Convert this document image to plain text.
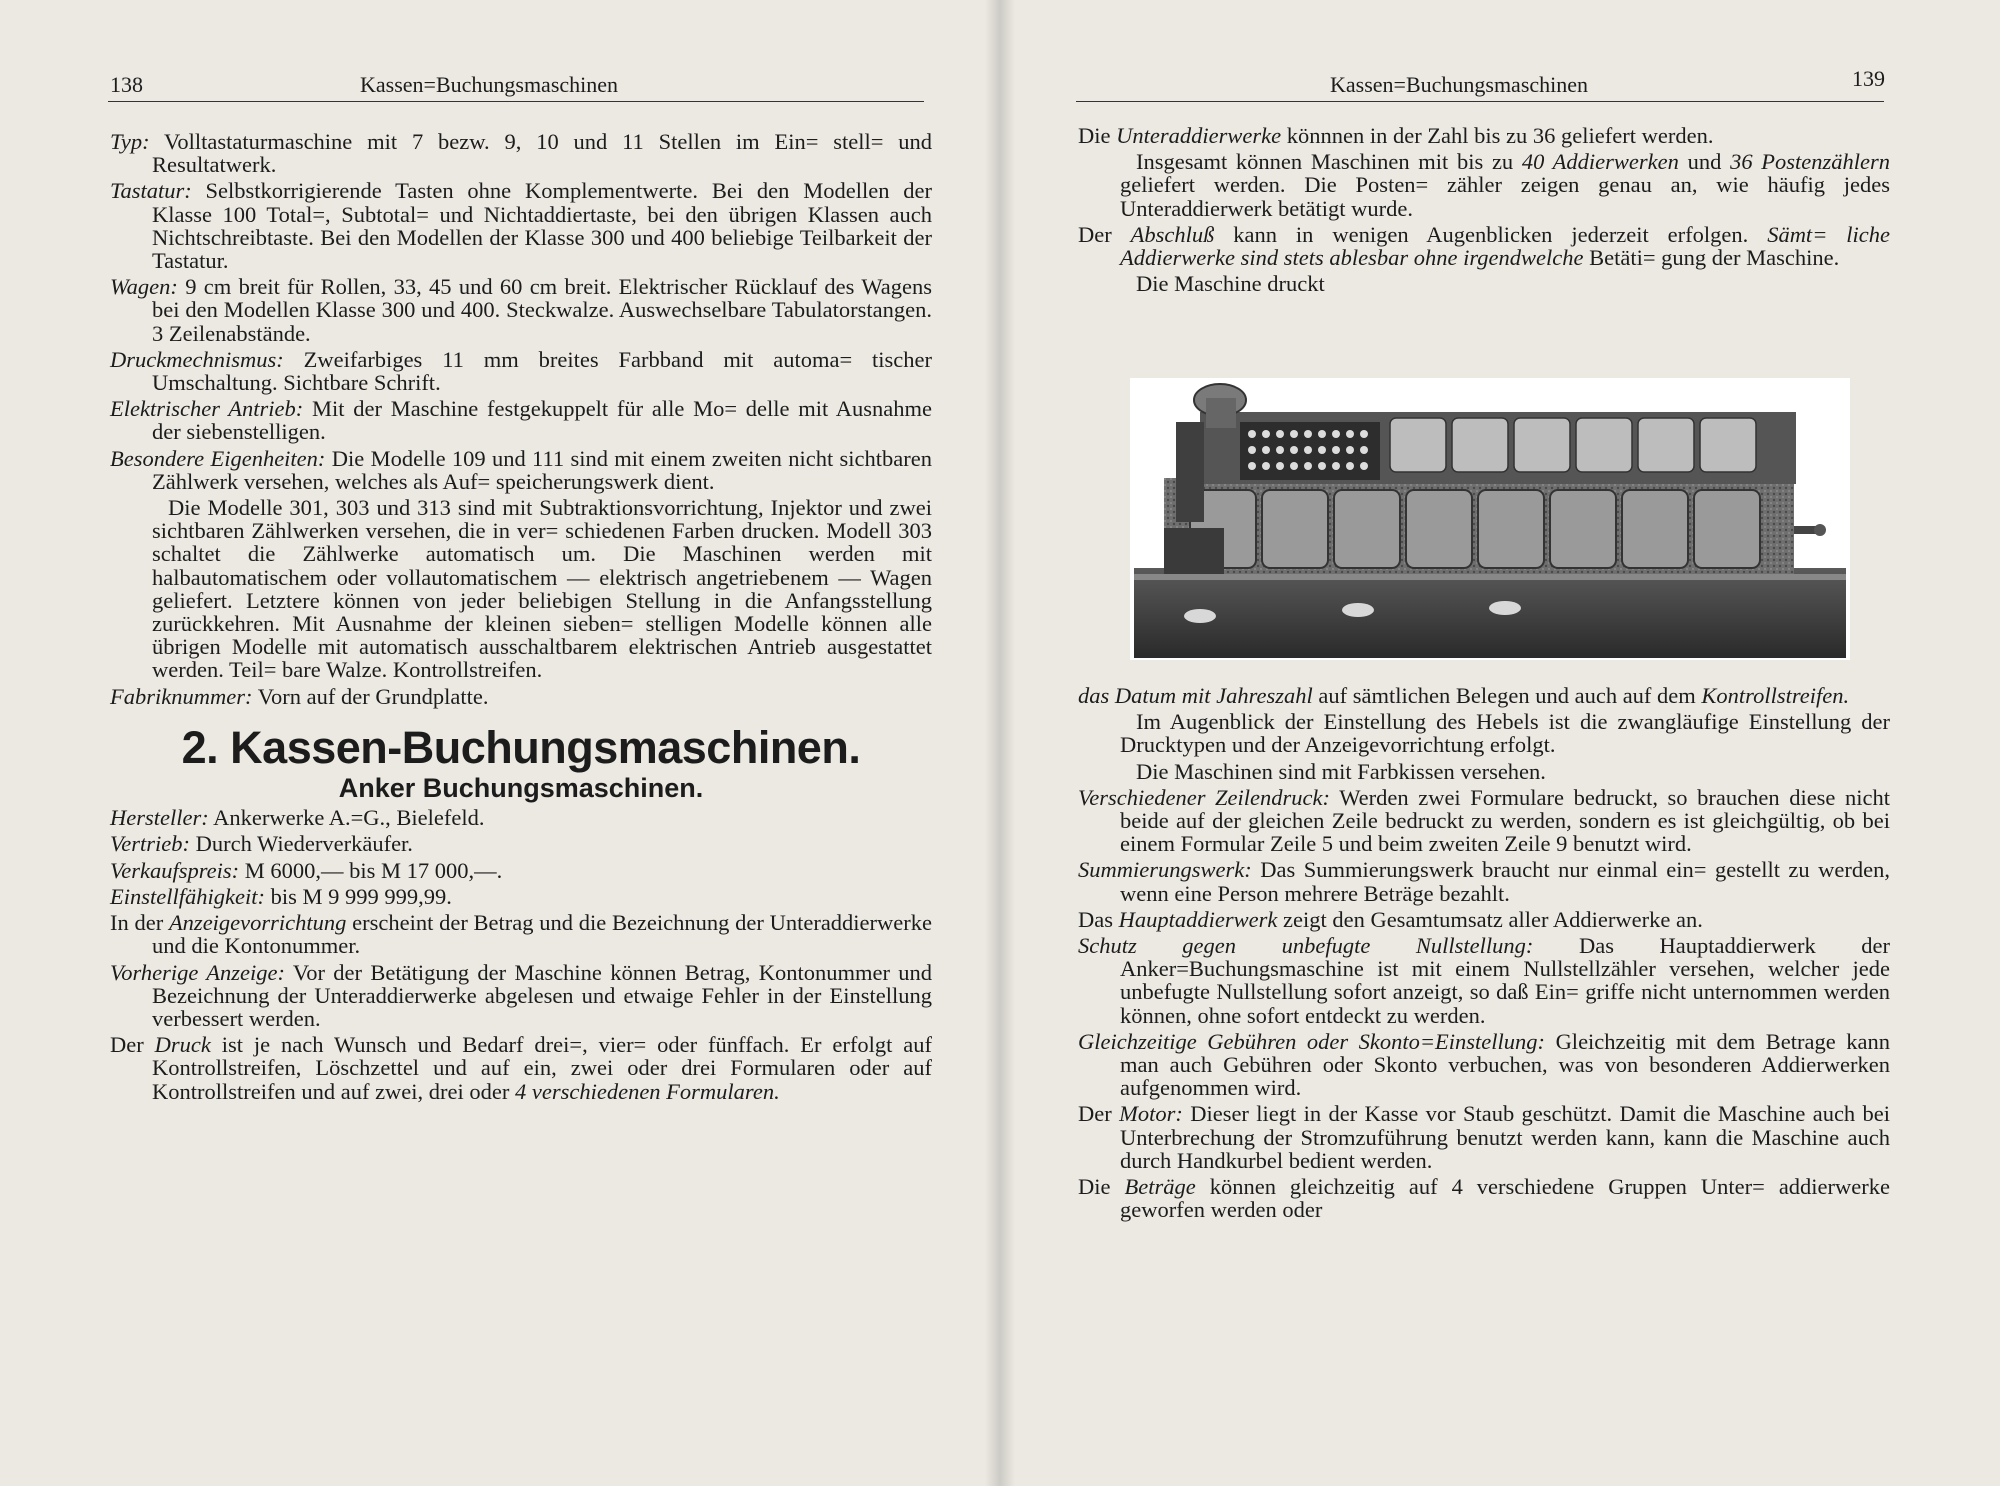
138	Kassen=Buchungsmaschinen

Typ: Volltastaturmaschine mit 7 bezw. 9, 10 und 11 Stellen im Ein= stell= und Resultatwerk.

Tastatur: Selbstkorrigierende Tasten ohne Komplementwerte. Bei den Modellen der Klasse 100 Total=, Subtotal= und Nichtaddiertaste, bei den übrigen Klassen auch Nichtschreibtaste. Bei den Modellen der Klasse 300 und 400 beliebige Teilbarkeit der Tastatur.

Wagen: 9 cm breit für Rollen, 33, 45 und 60 cm breit. Elektrischer Rücklauf des Wagens bei den Modellen Klasse 300 und 400. Steckwalze. Auswechselbare Tabulatorstangen. 3 Zeilenabstände.

Druckmechnismus: Zweifarbiges 11 mm breites Farbband mit automa= tischer Umschaltung. Sichtbare Schrift.

Elektrischer Antrieb: Mit der Maschine festgekuppelt für alle Mo= delle mit Ausnahme der siebenstelligen.

Besondere Eigenheiten: Die Modelle 109 und 111 sind mit einem zweiten nicht sichtbaren Zählwerk versehen, welches als Auf= speicherungswerk dient.

Die Modelle 301, 303 und 313 sind mit Subtraktionsvorrichtung, Injektor und zwei sichtbaren Zählwerken versehen, die in ver= schiedenen Farben drucken. Modell 303 schaltet die Zählwerke automatisch um. Die Maschinen werden mit halbautomatischem oder vollautomatischem — elektrisch angetriebenem — Wagen geliefert. Letztere können von jeder beliebigen Stellung in die Anfangsstellung zurückkehren. Mit Ausnahme der kleinen sieben= stelligen Modelle können alle übrigen Modelle mit automatisch ausschaltbarem elektrischen Antrieb ausgestattet werden. Teil= bare Walze. Kontrollstreifen.

Fabriknummer: Vorn auf der Grundplatte.

2. Kassen-Buchungsmaschinen.
Anker Buchungsmaschinen.

Hersteller: Ankerwerke A.=G., Bielefeld.

Vertrieb: Durch Wiederverkäufer.

Verkaufspreis: M 6000,— bis M 17 000,—.

Einstellfähigkeit: bis M 9 999 999,99.

In der Anzeigevorrichtung erscheint der Betrag und die Bezeichnung der Unteraddierwerke und die Kontonummer.

Vorherige Anzeige: Vor der Betätigung der Maschine können Betrag, Kontonummer und Bezeichnung der Unteraddierwerke abgelesen und etwaige Fehler in der Einstellung verbessert werden.

Der Druck ist je nach Wunsch und Bedarf drei=, vier= oder fünffach. Er erfolgt auf Kontrollstreifen, Löschzettel und auf ein, zwei oder drei Formularen oder auf Kontrollstreifen und auf zwei, drei oder 4 verschiedenen Formularen.

Kassen=Buchungsmaschinen	139

Die Unteraddierwerke könnnen in der Zahl bis zu 36 geliefert werden.

Insgesamt können Maschinen mit bis zu 40 Addierwerken und 36 Postenzählern geliefert werden. Die Posten= zähler zeigen genau an, wie häufig jedes Unteraddierwerk betätigt wurde.

Der Abschluß kann in wenigen Augenblicken jederzeit erfolgen. Sämt= liche Addierwerke sind stets ablesbar ohne irgendwelche Betäti= gung der Maschine.

Die Maschine druckt

das Datum mit Jahreszahl auf sämtlichen Belegen und auch auf dem Kontrollstreifen.

Im Augenblick der Einstellung des Hebels ist die zwangläufige Einstellung der Drucktypen und der Anzeigevorrichtung erfolgt.

Die Maschinen sind mit Farbkissen versehen.

Verschiedener Zeilendruck: Werden zwei Formulare bedruckt, so brauchen diese nicht beide auf der gleichen Zeile bedruckt zu werden, sondern es ist gleichgültig, ob bei einem Formular Zeile 5 und beim zweiten Zeile 9 benutzt wird.

Summierungswerk: Das Summierungswerk braucht nur einmal ein= gestellt zu werden, wenn eine Person mehrere Beträge bezahlt.

Das Hauptaddierwerk zeigt den Gesamtumsatz aller Addierwerke an.

Schutz gegen unbefugte Nullstellung: Das Hauptaddierwerk der Anker=Buchungsmaschine ist mit einem Nullstellzähler versehen, welcher jede unbefugte Nullstellung sofort anzeigt, so daß Ein= griffe nicht unternommen werden können, ohne sofort entdeckt zu werden.

Gleichzeitige Gebühren oder Skonto=Einstellung: Gleichzeitig mit dem Betrage kann man auch Gebühren oder Skonto verbuchen, was von besonderen Addierwerken aufgenommen wird.

Der Motor: Dieser liegt in der Kasse vor Staub geschützt. Damit die Maschine auch bei Unterbrechung der Stromzuführung benutzt werden kann, kann die Maschine auch durch Handkurbel bedient werden.

Die Beträge können gleichzeitig auf 4 verschiedene Gruppen Unter= addierwerke geworfen werden oder
